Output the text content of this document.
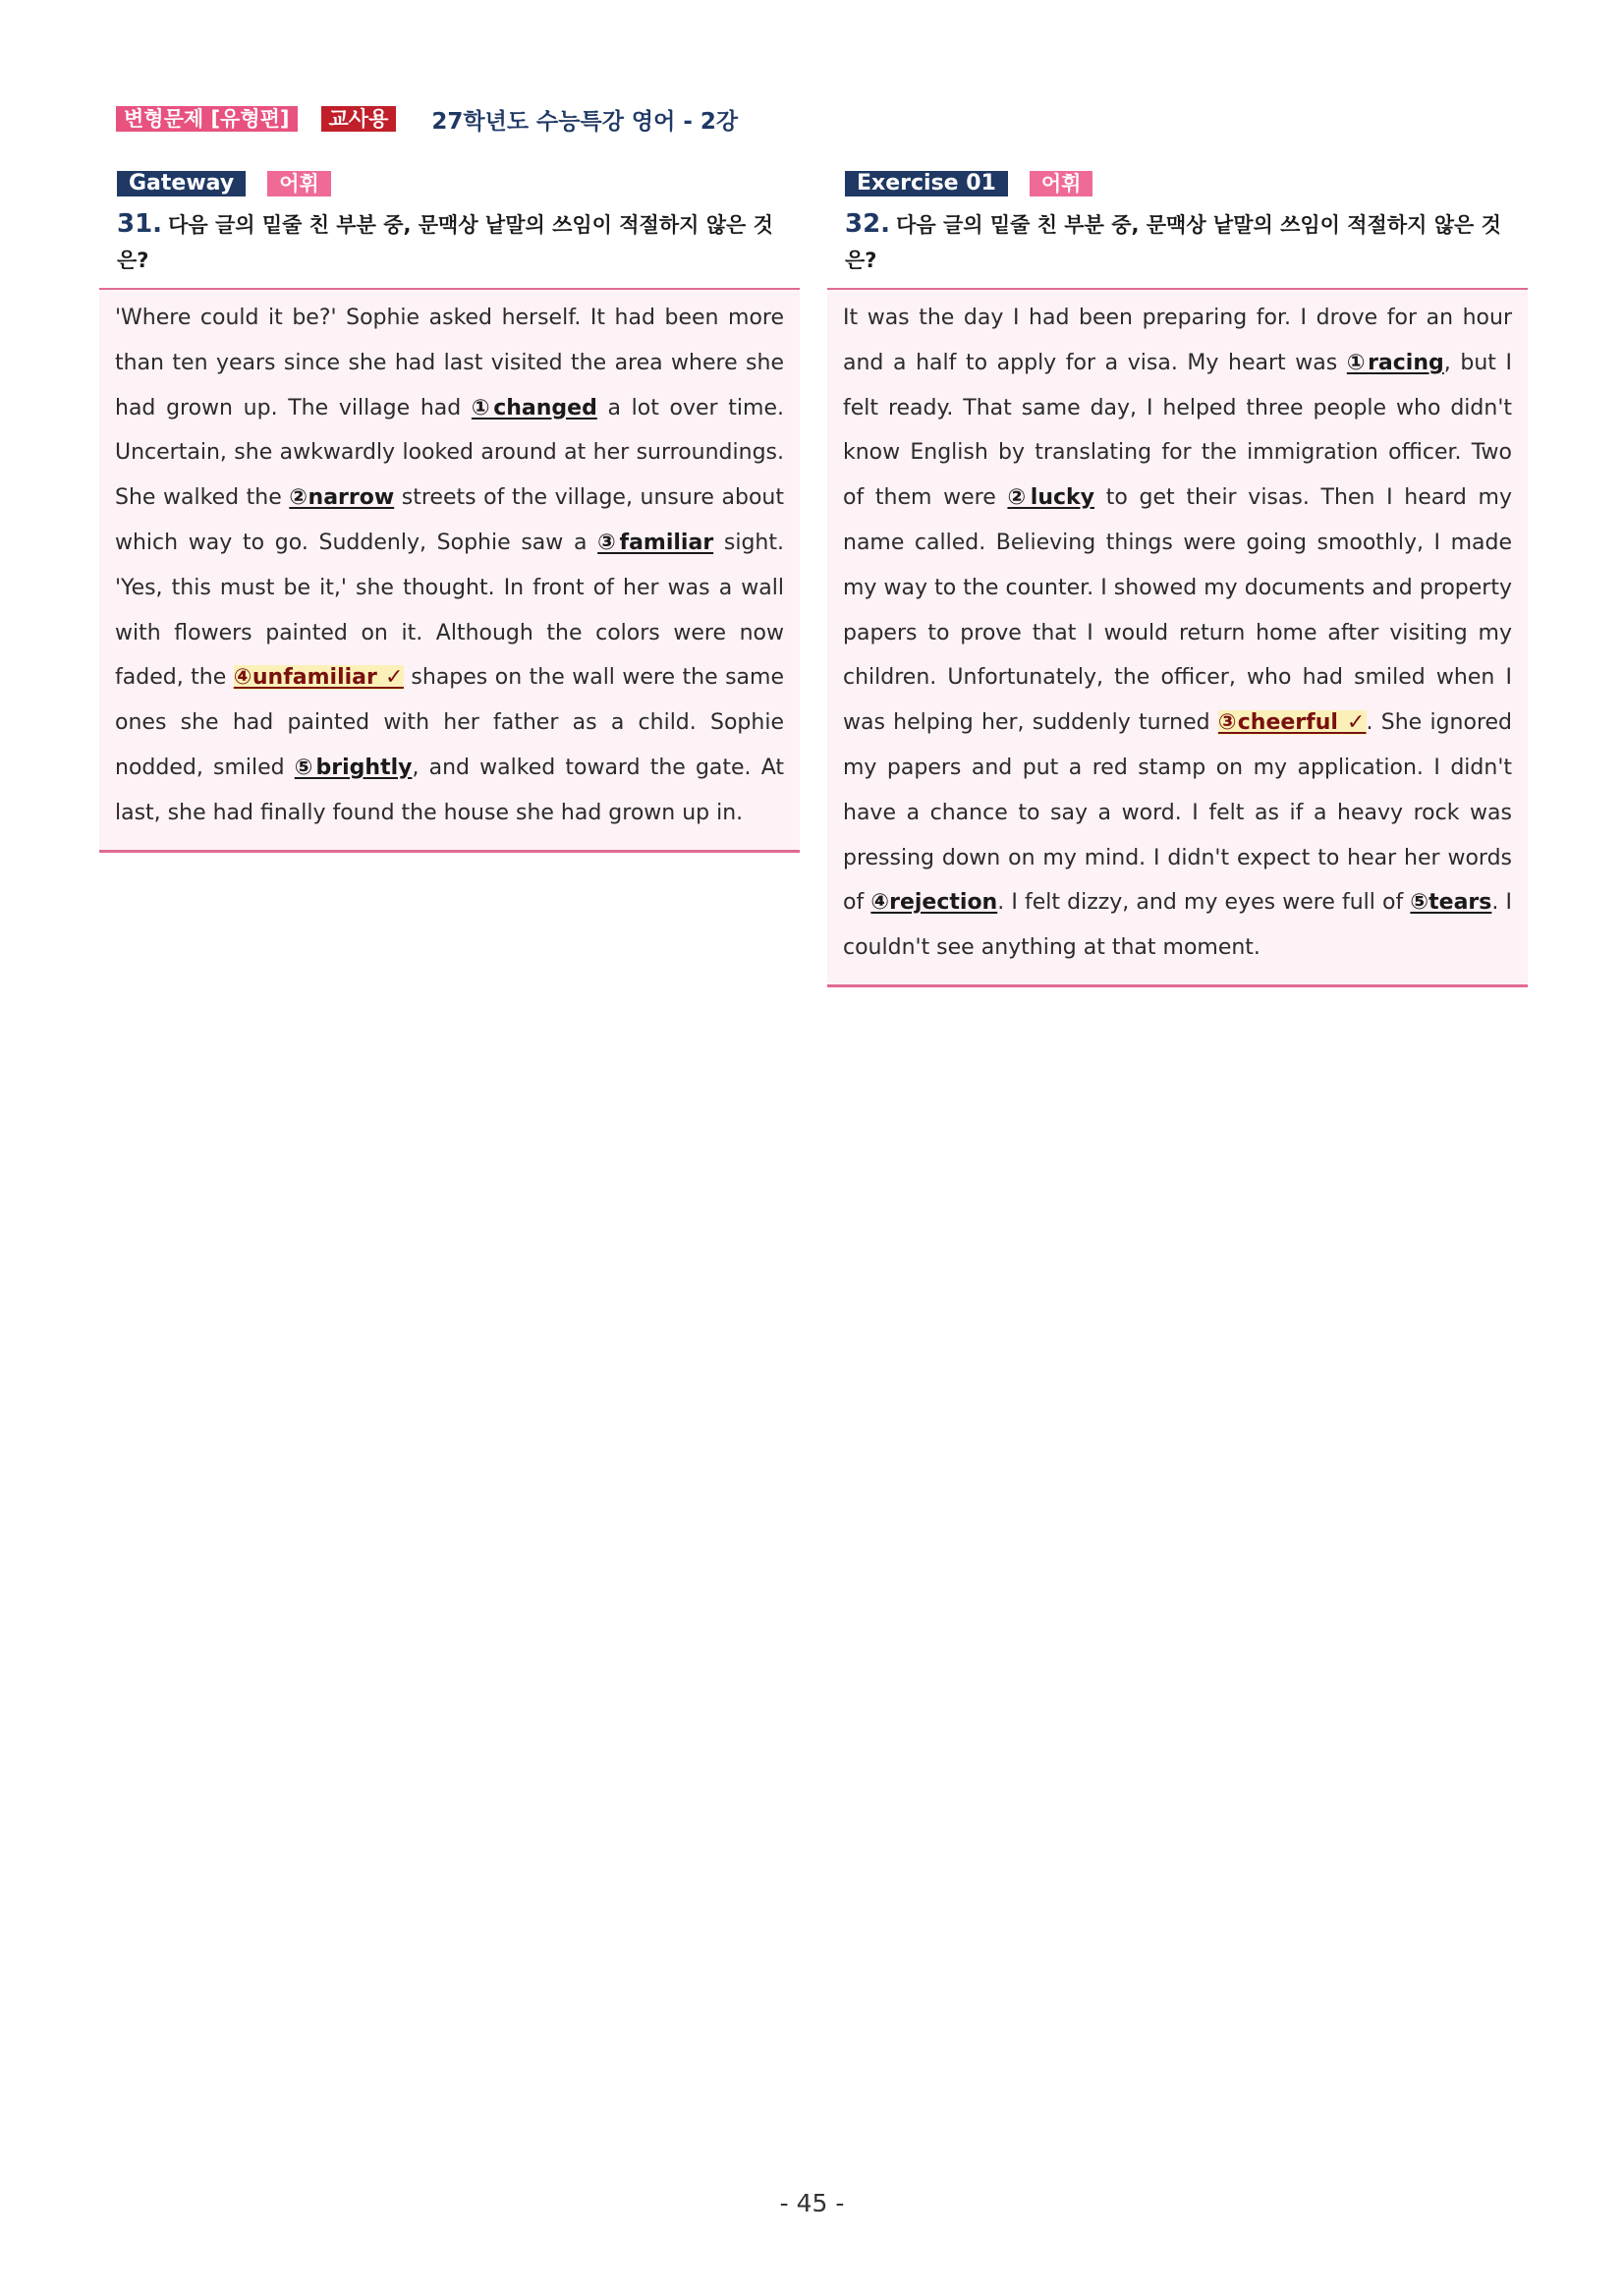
변형문제 [유형편]	교사용	27학년도 수능특강 영어 - 2강
Gateway	어휘
31. 다음 글의 밑줄 친 부분 중, 문맥상 낱말의 쓰임이 적절하지 않은 것은?

'Where could it be?' Sophie asked herself. It had been more than ten years since she had last visited the area where she had grown up. The village had ①changed a lot over time. Uncertain, she awkwardly looked around at her surroundings. She walked the ②narrow streets of the village, unsure about which way to go. Suddenly, Sophie saw a ③familiar sight. 'Yes, this must be it,' she thought. In front of her was a wall with flowers painted on it. Although the colors were now faded, the ④unfamiliar ✓ shapes on the wall were the same ones she had painted with her father as a child. Sophie nodded, smiled ⑤brightly, and walked toward the gate. At last, she had finally found the house she had grown up in.

Exercise 01	어휘
32. 다음 글의 밑줄 친 부분 중, 문맥상 낱말의 쓰임이 적절하지 않은 것은?

It was the day I had been preparing for. I drove for an hour and a half to apply for a visa. My heart was ①racing, but I felt ready. That same day, I helped three people who didn't know English by translating for the immigration officer. Two of them were ②lucky to get their visas. Then I heard my name called. Believing things were going smoothly, I made my way to the counter. I showed my documents and property papers to prove that I would return home after visiting my children. Unfortunately, the officer, who had smiled when I was helping her, suddenly turned ③cheerful ✓. She ignored my papers and put a red stamp on my application. I didn't have a chance to say a word. I felt as if a heavy rock was pressing down on my mind. I didn't expect to hear her words of ④rejection. I felt dizzy, and my eyes were full of ⑤tears. I couldn't see anything at that moment.

- 45 -
